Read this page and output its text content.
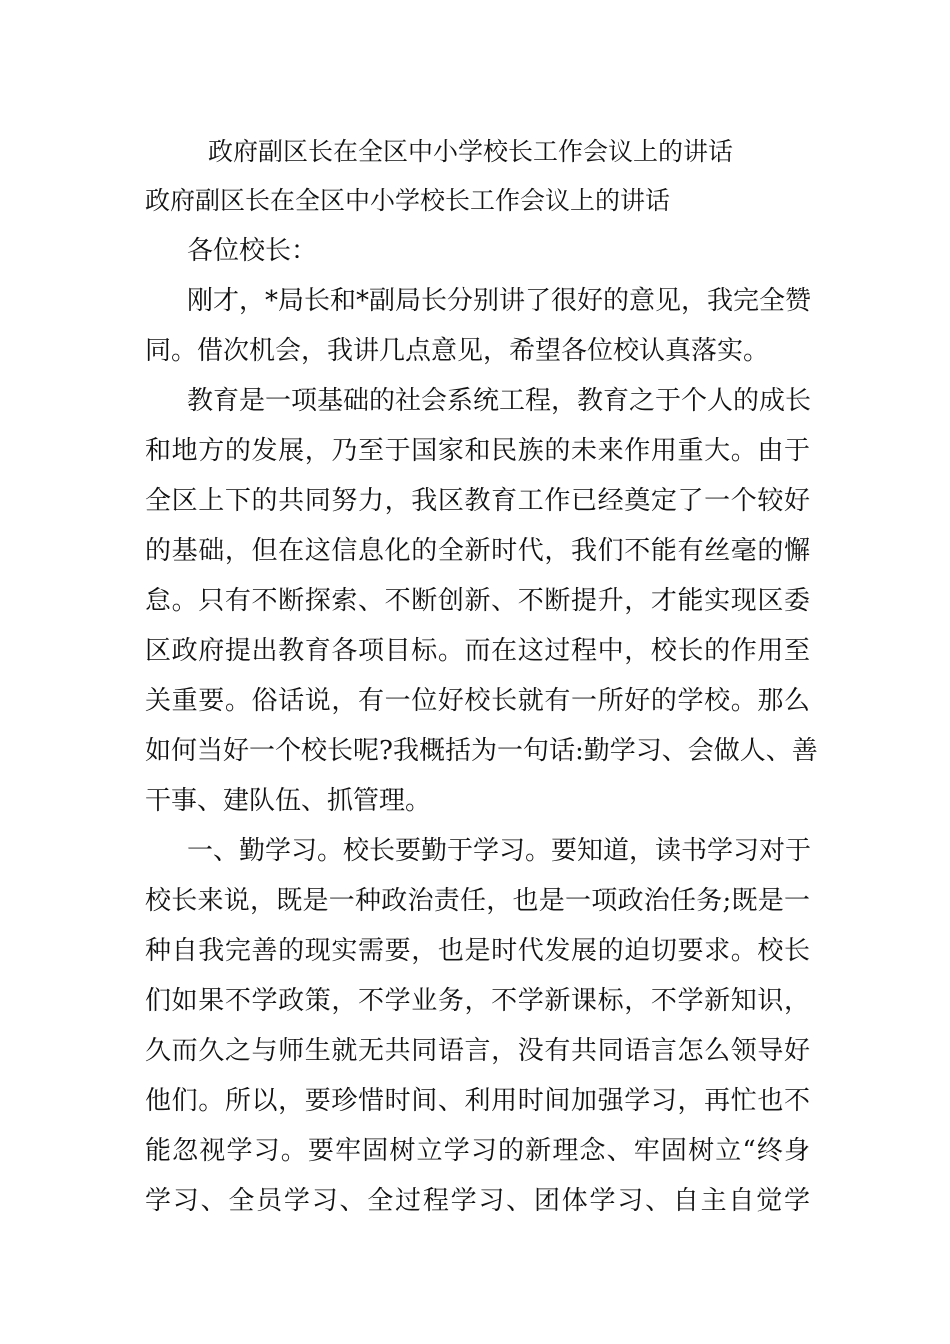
政府副区长在全区中小学校长工作会议上的讲话
政府副区长在全区中小学校长工作会议上的讲话
各位校长：
刚才，*局长和*副局长分别讲了很好的意见，我完全赞
同。借次机会，我讲几点意见，希望各位校认真落实。
教育是一项基础的社会系统工程，教育之于个人的成长
和地方的发展，乃至于国家和民族的未来作用重大。由于
全区上下的共同努力，我区教育工作已经奠定了一个较好
的基础，但在这信息化的全新时代，我们不能有丝毫的懈
怠。只有不断探索、不断创新、不断提升，才能实现区委
区政府提出教育各项目标。而在这过程中，校长的作用至
关重要。俗话说，有一位好校长就有一所好的学校。那么
如何当好一个校长呢?我概括为一句话:勤学习、会做人、善
干事、建队伍、抓管理。
一、勤学习。校长要勤于学习。要知道，读书学习对于
校长来说，既是一种政治责任，也是一项政治任务;既是一
种自我完善的现实需要，也是时代发展的迫切要求。校长
们如果不学政策，不学业务，不学新课标，不学新知识，
久而久之与师生就无共同语言，没有共同语言怎么领导好
他们。所以，要珍惜时间、利用时间加强学习，再忙也不
能忽视学习。要牢固树立学习的新理念、牢固树立“终身
学习、全员学习、全过程学习、团体学习、自主自觉学
